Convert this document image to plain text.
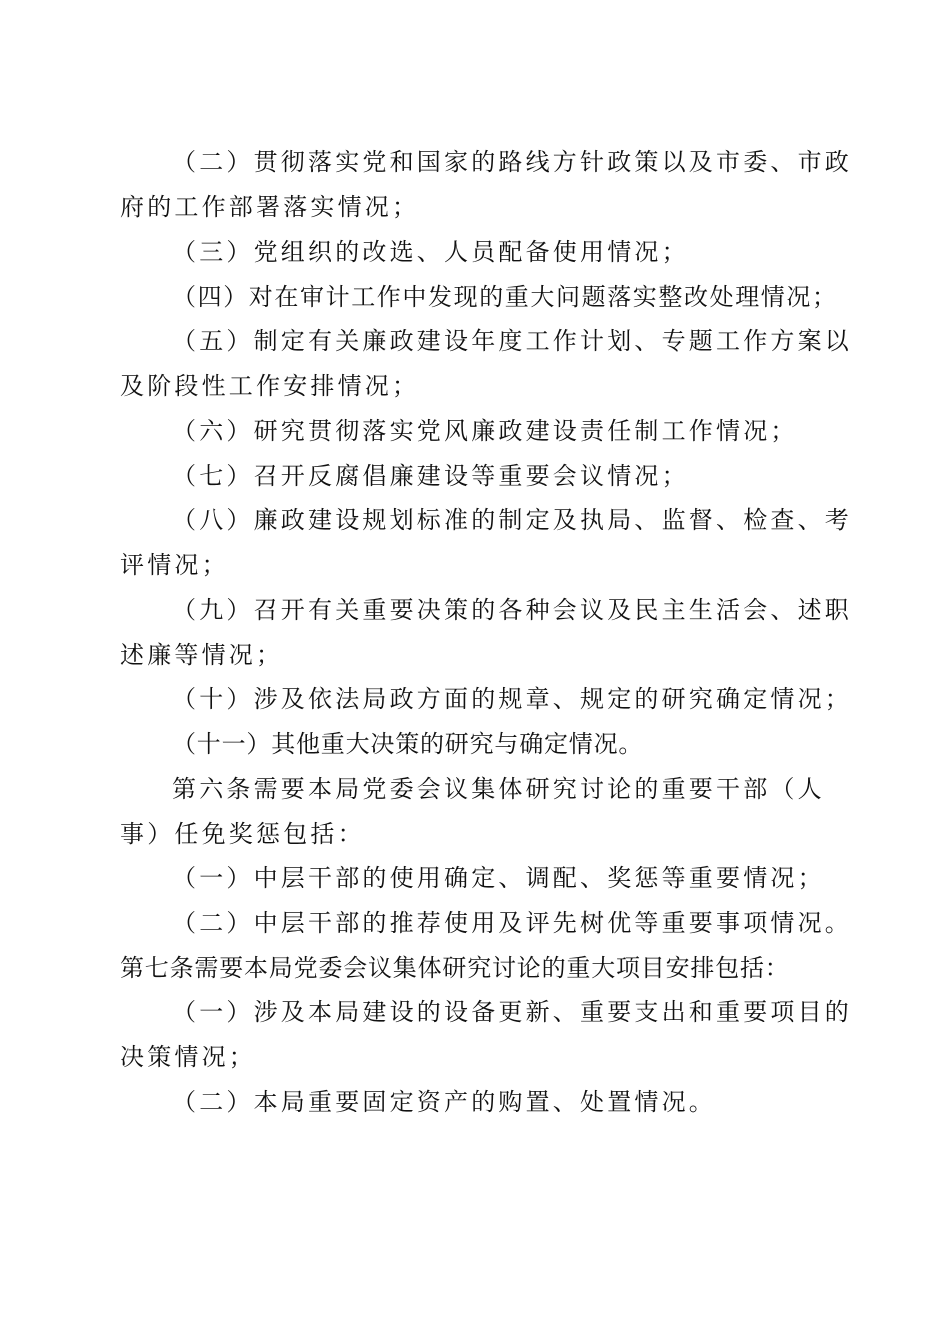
（二）贯彻落实党和国家的路线方针政策以及市委、市政
府的工作部署落实情况；
（三）党组织的改选、人员配备使用情况；
（四）对在审计工作中发现的重大问题落实整改处理情况；
（五）制定有关廉政建设年度工作计划、专题工作方案以
及阶段性工作安排情况；
（六）研究贯彻落实党风廉政建设责任制工作情况；
（七）召开反腐倡廉建设等重要会议情况；
（八）廉政建设规划标准的制定及执局、监督、检查、考
评情况；
（九）召开有关重要决策的各种会议及民主生活会、述职
述廉等情况；
（十）涉及依法局政方面的规章、规定的研究确定情况；
（十一）其他重大决策的研究与确定情况。
第六条需要本局党委会议集体研究讨论的重要干部（人
事）任免奖惩包括：
（一）中层干部的使用确定、调配、奖惩等重要情况；
（二）中层干部的推荐使用及评先树优等重要事项情况。
第七条需要本局党委会议集体研究讨论的重大项目安排包括：
（一）涉及本局建设的设备更新、重要支出和重要项目的
决策情况；
（二）本局重要固定资产的购置、处置情况。
